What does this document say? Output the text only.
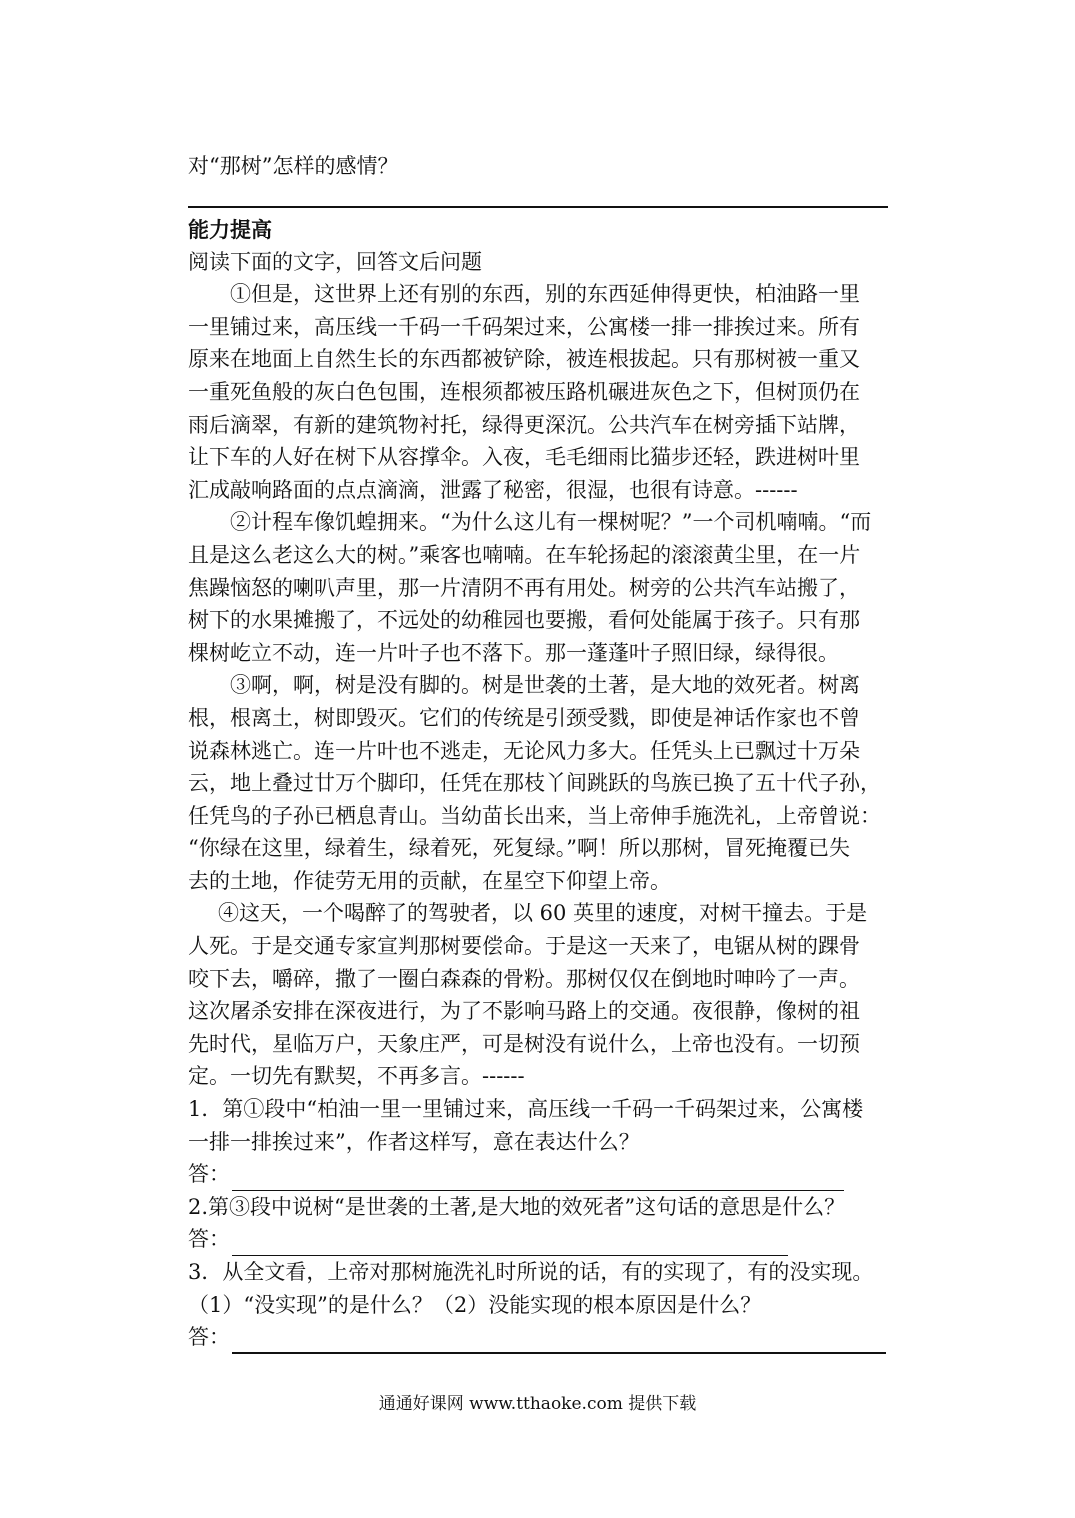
对“那树”怎样的感情？
能力提高
阅读下面的文字，回答文后问题
①但是，这世界上还有别的东西，别的东西延伸得更快，柏油路一里
一里铺过来，高压线一千码一千码架过来，公寓楼一排一排挨过来。所有
原来在地面上自然生长的东西都被铲除，被连根拔起。只有那树被一重又
一重死鱼般的灰白色包围，连根须都被压路机碾进灰色之下，但树顶仍在
雨后滴翠，有新的建筑物衬托，绿得更深沉。公共汽车在树旁插下站牌，
让下车的人好在树下从容撑伞。入夜，毛毛细雨比猫步还轻，跌进树叶里
汇成敲响路面的点点滴滴，泄露了秘密，很湿，也很有诗意。------
②计程车像饥蝗拥来。“为什么这儿有一棵树呢？”一个司机喃喃。“而
且是这么老这么大的树。”乘客也喃喃。在车轮扬起的滚滚黄尘里，在一片
焦躁恼怒的喇叭声里，那一片清阴不再有用处。树旁的公共汽车站搬了，
树下的水果摊搬了，不远处的幼稚园也要搬，看何处能属于孩子。只有那
棵树屹立不动，连一片叶子也不落下。那一蓬蓬叶子照旧绿，绿得很。
③啊，啊，树是没有脚的。树是世袭的土著，是大地的效死者。树离
根，根离土，树即毁灭。它们的传统是引颈受戮，即使是神话作家也不曾
说森林逃亡。连一片叶也不逃走，无论风力多大。任凭头上已飘过十万朵
云，地上叠过廿万个脚印，任凭在那枝丫间跳跃的鸟族已换了五十代子孙，
任凭鸟的子孙已栖息青山。当幼苗长出来，当上帝伸手施洗礼，上帝曾说：
“你绿在这里，绿着生，绿着死，死复绿。”啊！所以那树，冒死掩覆已失
去的土地，作徒劳无用的贡献，在星空下仰望上帝。
④这天，一个喝醉了的驾驶者，以 60 英里的速度，对树干撞去。于是
人死。于是交通专家宣判那树要偿命。于是这一天来了，电锯从树的踝骨
咬下去，嚼碎，撒了一圈白森森的骨粉。那树仅仅在倒地时呻吟了一声。
这次屠杀安排在深夜进行，为了不影响马路上的交通。夜很静，像树的祖
先时代，星临万户，天象庄严，可是树没有说什么，上帝也没有。一切预
定。一切先有默契，不再多言。------
1．第①段中“柏油一里一里铺过来，高压线一千码一千码架过来，公寓楼
一排一排挨过来”，作者这样写，意在表达什么？
答：
2.第③段中说树“是世袭的土著,是大地的效死者”这句话的意思是什么？
答：
3．从全文看，上帝对那树施洗礼时所说的话，有的实现了，有的没实现。
（1）“没实现”的是什么？（2）没能实现的根本原因是什么？
答：
通通好课网 www.tthaoke.com 提供下载
